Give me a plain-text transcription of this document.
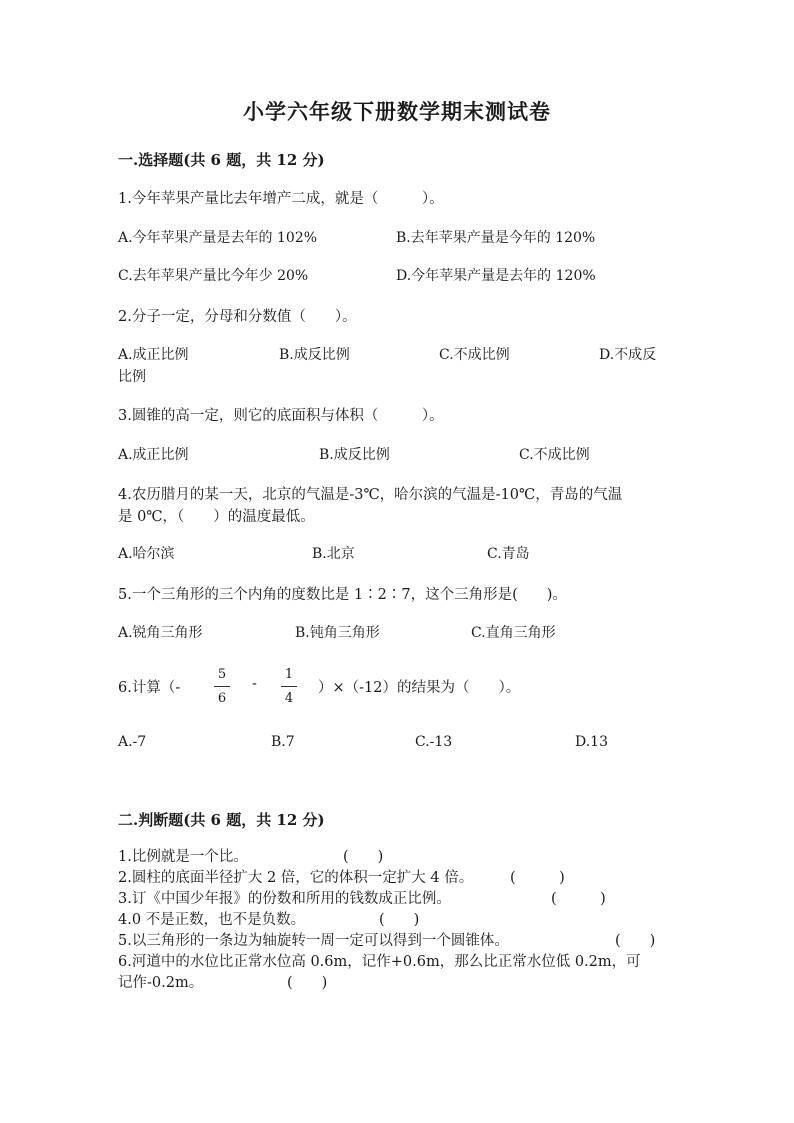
小学六年级下册数学期末测试卷
一.选择题(共 6 题，共 12 分)
1.今年苹果产量比去年增产二成，就是（　　　）。
A.今年苹果产量是去年的 102%	B.去年苹果产量是今年的 120%
C.去年苹果产量比今年少 20%	D.今年苹果产量是去年的 120%
2.分子一定，分母和分数值（　　）。
A.成正比例	B.成反比例	C.不成比例	D.不成反
比例
3.圆锥的高一定，则它的底面积与体积（　　　）。
A.成正比例	B.成反比例	C.不成比例
4.农历腊月的某一天，北京的气温是-3℃，哈尔滨的气温是-10℃，青岛的气温
是 0℃，（　　）的温度最低。
A.哈尔滨	B.北京	C.青岛
5.一个三角形的三个内角的度数比是 1∶2∶7，这个三角形是(　　)。
A.锐角三角形	B.钝角三角形	C.直角三角形
6.计算（-
5
6
-
1
4
）×（-12）的结果为（　　）。
A.-7	B.7	C.-13	D.13
二.判断题(共 6 题，共 12 分)
1.比例就是一个比。	(　　)
2.圆柱的底面半径扩大 2 倍，它的体积一定扩大 4 倍。	(　　　)
3.订《中国少年报》的份数和所用的钱数成正比例。	(　　　)
4.0 不是正数，也不是负数。	(　　)
5.以三角形的一条边为轴旋转一周一定可以得到一个圆锥体。	(　　)
6.河道中的水位比正常水位高 0.6m，记作+0.6m，那么比正常水位低 0.2m，可
记作-0.2m。	(　　)
